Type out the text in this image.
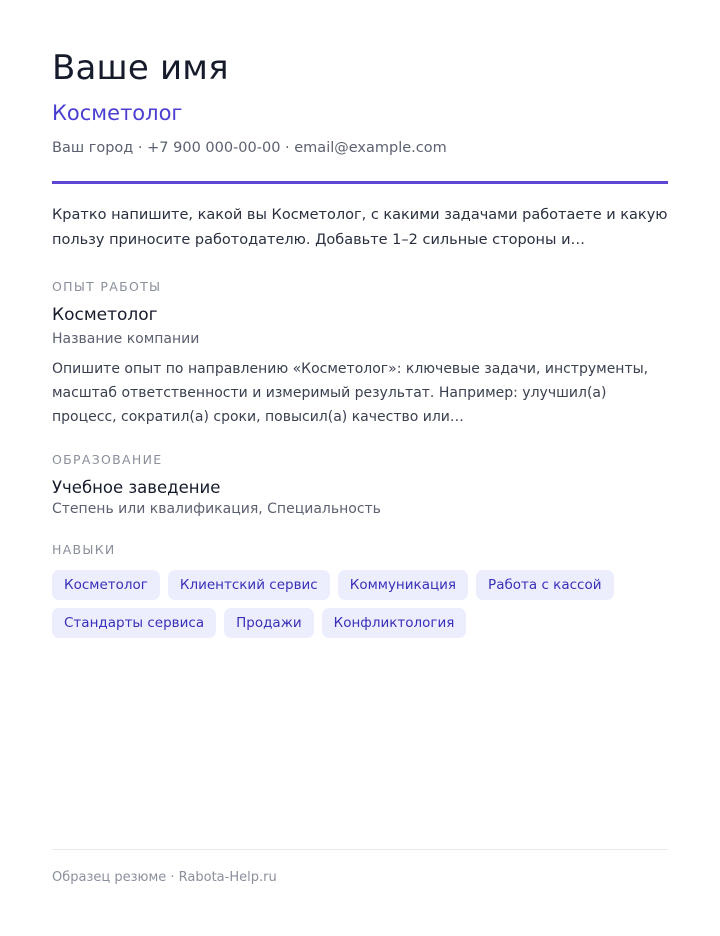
Ваше имя
Косметолог
Ваш город · +7 900 000-00-00 · email@example.com
Кратко напишите, какой вы Косметолог, с какими задачами работаете и какую пользу приносите работодателю. Добавьте 1–2 сильные стороны и…
ОПЫТ РАБОТЫ
Косметолог
Название компании
Опишите опыт по направлению «Косметолог»: ключевые задачи, инструменты, масштаб ответственности и измеримый результат. Например: улучшил(а) процесс, сократил(а) сроки, повысил(а) качество или…
ОБРАЗОВАНИЕ
Учебное заведение
Степень или квалификация, Специальность
НАВЫКИ
Косметолог	Клиентский сервис	Коммуникация	Работа с кассой
Стандарты сервиса	Продажи	Конфликтология
Образец резюме · Rabota-Help.ru
